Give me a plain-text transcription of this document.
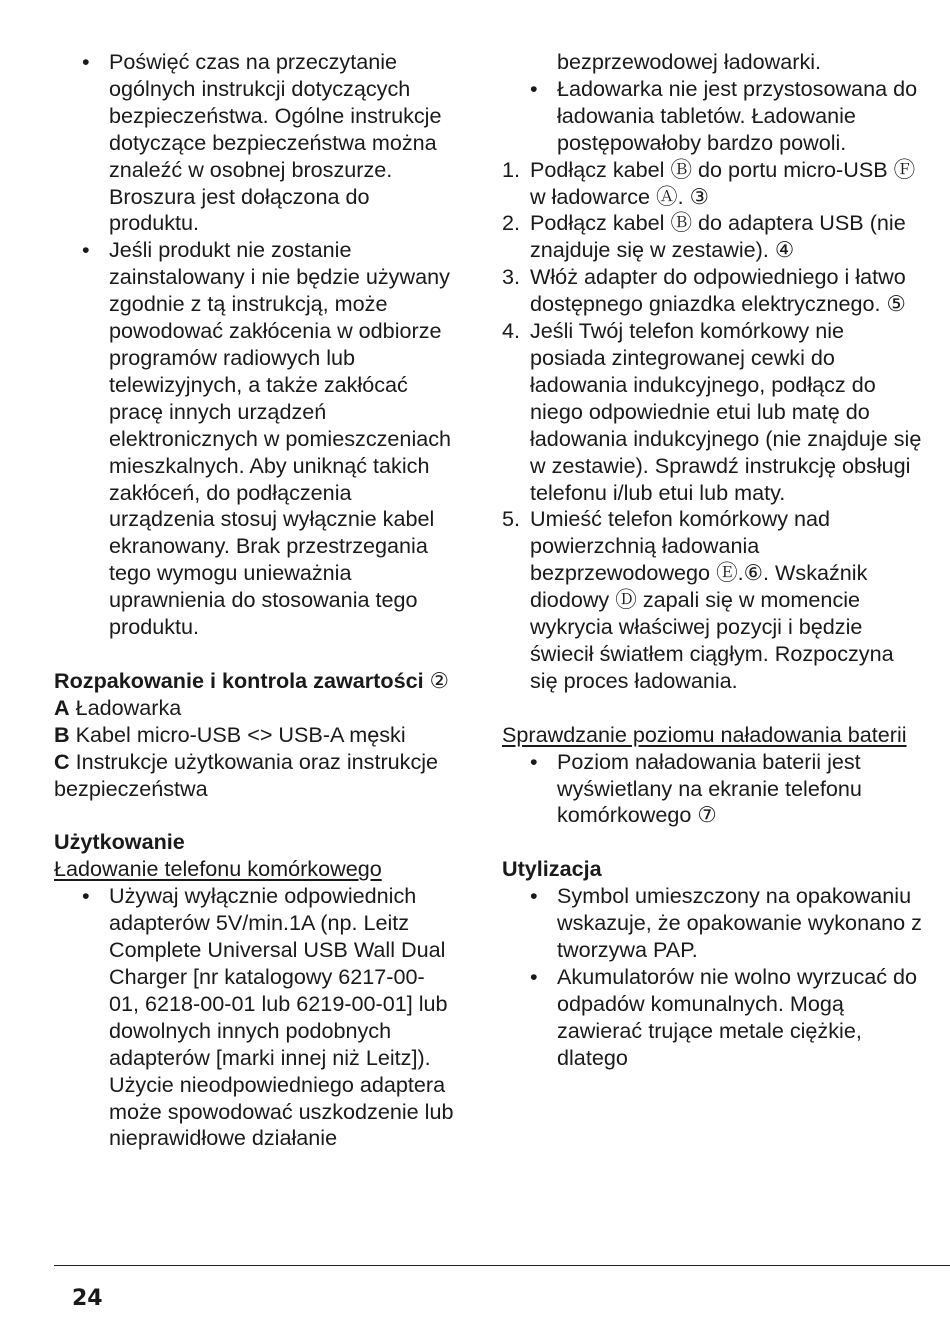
• Poświęć czas na przeczytanie ogólnych instrukcji dotyczących bezpieczeństwa. Ogólne instrukcje dotyczące bezpieczeństwa można znaleźć w osobnej broszurze. Broszura jest dołączona do produktu.
• Jeśli produkt nie zostanie zainstalowany i nie będzie używany zgodnie z tą instrukcją, może powodować zakłócenia w odbiorze programów radiowych lub telewizyjnych, a także zakłócać pracę innych urządzeń elektronicznych w pomieszczeniach mieszkalnych. Aby uniknąć takich zakłóceń, do podłączenia urządzenia stosuj wyłącznie kabel ekranowany. Brak przestrzegania tego wymogu unieważnia uprawnienia do stosowania tego produktu.
Rozpakowanie i kontrola zawartości ②
A Ładowarka
B Kabel micro-USB <> USB-A męski
C Instrukcje użytkowania oraz instrukcje bezpieczeństwa
Użytkowanie
Ładowanie telefonu komórkowego
• Używaj wyłącznie odpowiednich adapterów 5V/min.1A (np. Leitz Complete Universal USB Wall Dual Charger [nr katalogowy 6217-00-01, 6218-00-01 lub 6219-00-01] lub dowolnych innych podobnych adapterów [marki innej niż Leitz]). Użycie nieodpowiedniego adaptera może spowodować uszkodzenie lub nieprawidłowe działanie
bezprzewodowej ładowarki.
• Ładowarka nie jest przystosowana do ładowania tabletów. Ładowanie postępowałoby bardzo powoli.
1. Podłącz kabel Ⓑ do portu micro-USB Ⓕ w ładowarce Ⓐ. ③
2. Podłącz kabel Ⓑ do adaptera USB (nie znajduje się w zestawie). ④
3. Włóż adapter do odpowiedniego i łatwo dostępnego gniazdka elektrycznego. ⑤
4. Jeśli Twój telefon komórkowy nie posiada zintegrowanej cewki do ładowania indukcyjnego, podłącz do niego odpowiednie etui lub matę do ładowania indukcyjnego (nie znajduje się w zestawie). Sprawdź instrukcję obsługi telefonu i/lub etui lub maty.
5. Umieść telefon komórkowy nad powierzchnią ładowania bezprzewodowego Ⓔ.⑥. Wskaźnik diodowy Ⓓ zapali się w momencie wykrycia właściwej pozycji i będzie świecił światłem ciągłym. Rozpoczyna się proces ładowania.
Sprawdzanie poziomu naładowania baterii
• Poziom naładowania baterii jest wyświetlany na ekranie telefonu komórkowego ⑦
Utylizacja
• Symbol umieszczony na opakowaniu wskazuje, że opakowanie wykonano z tworzywa PAP.
• Akumulatorów nie wolno wyrzucać do odpadów komunalnych. Mogą zawierać trujące metale ciężkie, dlatego
24
